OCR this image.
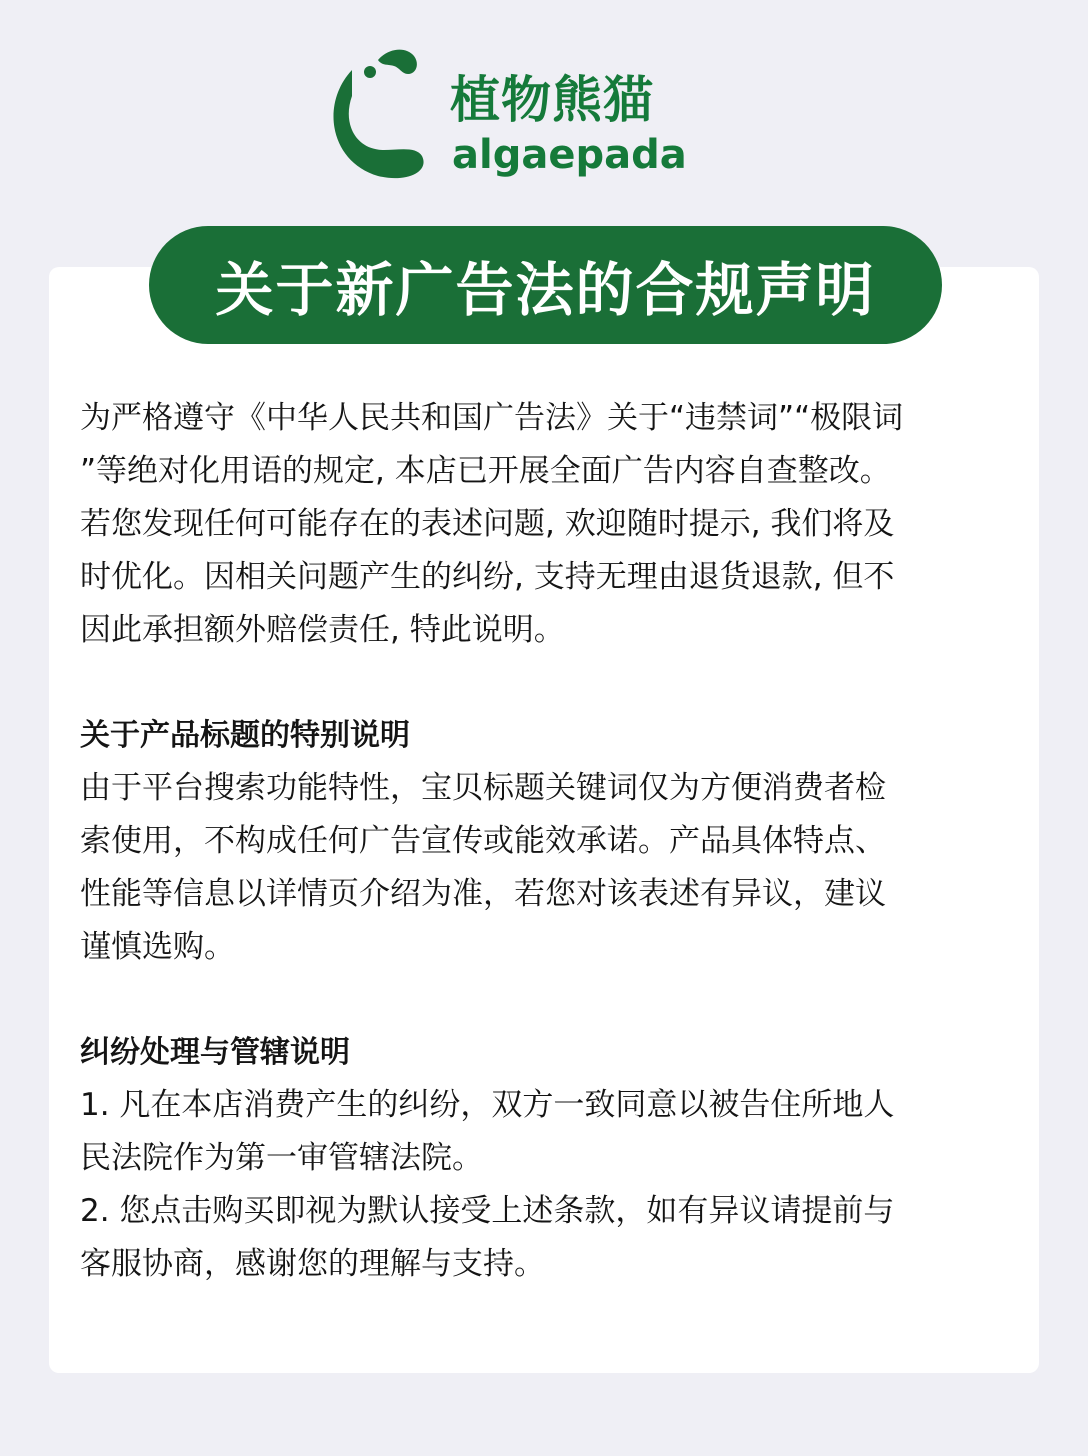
植物熊猫
algaepada
关于新广告法的合规声明

为严格遵守《中华人民共和国广告法》关于“违禁词”“极限词
”等绝对化用语的规定, 本店已开展全面广告内容自查整改。
若您发现任何可能存在的表述问题, 欢迎随时提示, 我们将及
时优化。因相关问题产生的纠纷, 支持无理由退货退款, 但不
因此承担额外赔偿责任, 特此说明。

关于产品标题的特别说明

由于平台搜索功能特性，宝贝标题关键词仅为方便消费者检
索使用，不构成任何广告宣传或能效承诺。产品具体特点、
性能等信息以详情页介绍为准，若您对该表述有异议，建议
谨慎选购。

纠纷处理与管辖说明

1. 凡在本店消费产生的纠纷，双方一致同意以被告住所地人
民法院作为第一审管辖法院。
2. 您点击购买即视为默认接受上述条款，如有异议请提前与
客服协商，感谢您的理解与支持。
